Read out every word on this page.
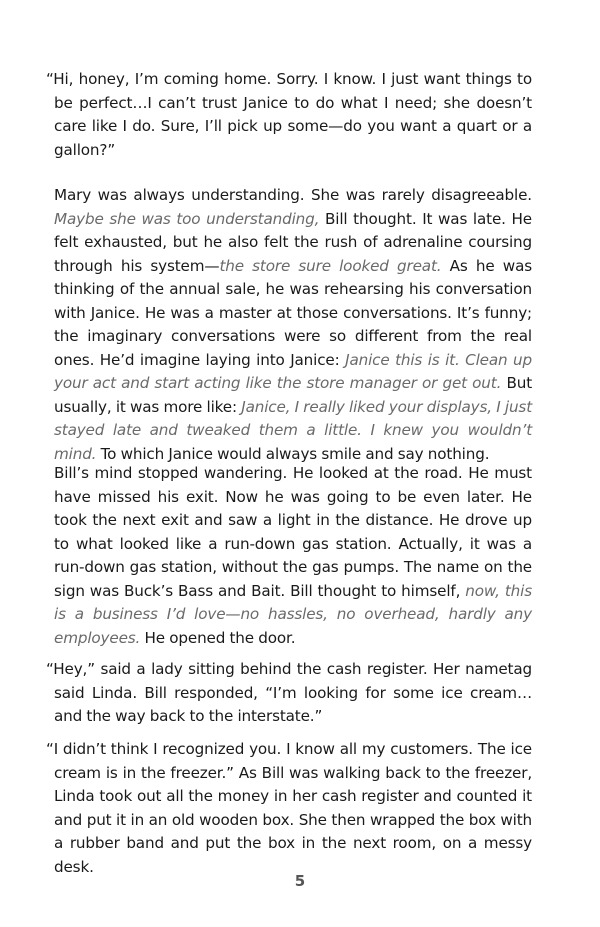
“Hi, honey, I’m coming home. Sorry. I know. I just want things to be perfect…I can’t trust Janice to do what I need; she doesn’t care like I do. Sure, I’ll pick up some—do you want a quart or a gallon?”

Mary was always understanding. She was rarely disagreeable. Maybe she was too understanding, Bill thought. It was late. He felt exhausted, but he also felt the rush of adrenaline coursing through his system—the store sure looked great. As he was thinking of the annual sale, he was rehearsing his conversation with Janice. He was a master at those conversations. It’s funny; the imaginary conversations were so different from the real ones. He’d imagine laying into Janice: Janice this is it. Clean up your act and start acting like the store manager or get out. But usually, it was more like: Janice, I really liked your displays, I just stayed late and tweaked them a little. I knew you wouldn’t mind. To which Janice would always smile and say nothing.

Bill’s mind stopped wandering. He looked at the road. He must have missed his exit. Now he was going to be even later. He took the next exit and saw a light in the distance. He drove up to what looked like a run-down gas station. Actually, it was a run-down gas station, without the gas pumps. The name on the sign was Buck’s Bass and Bait. Bill thought to himself, now, this is a business I’d love—no hassles, no overhead, hardly any employees. He opened the door.

“Hey,” said a lady sitting behind the cash register. Her nametag said Linda. Bill responded, “I’m looking for some ice cream…and the way back to the interstate.”

“I didn’t think I recognized you. I know all my customers. The ice cream is in the freezer.” As Bill was walking back to the freezer, Linda took out all the money in her cash register and counted it and put it in an old wooden box. She then wrapped the box with a rubber band and put the box in the next room, on a messy desk.

5
